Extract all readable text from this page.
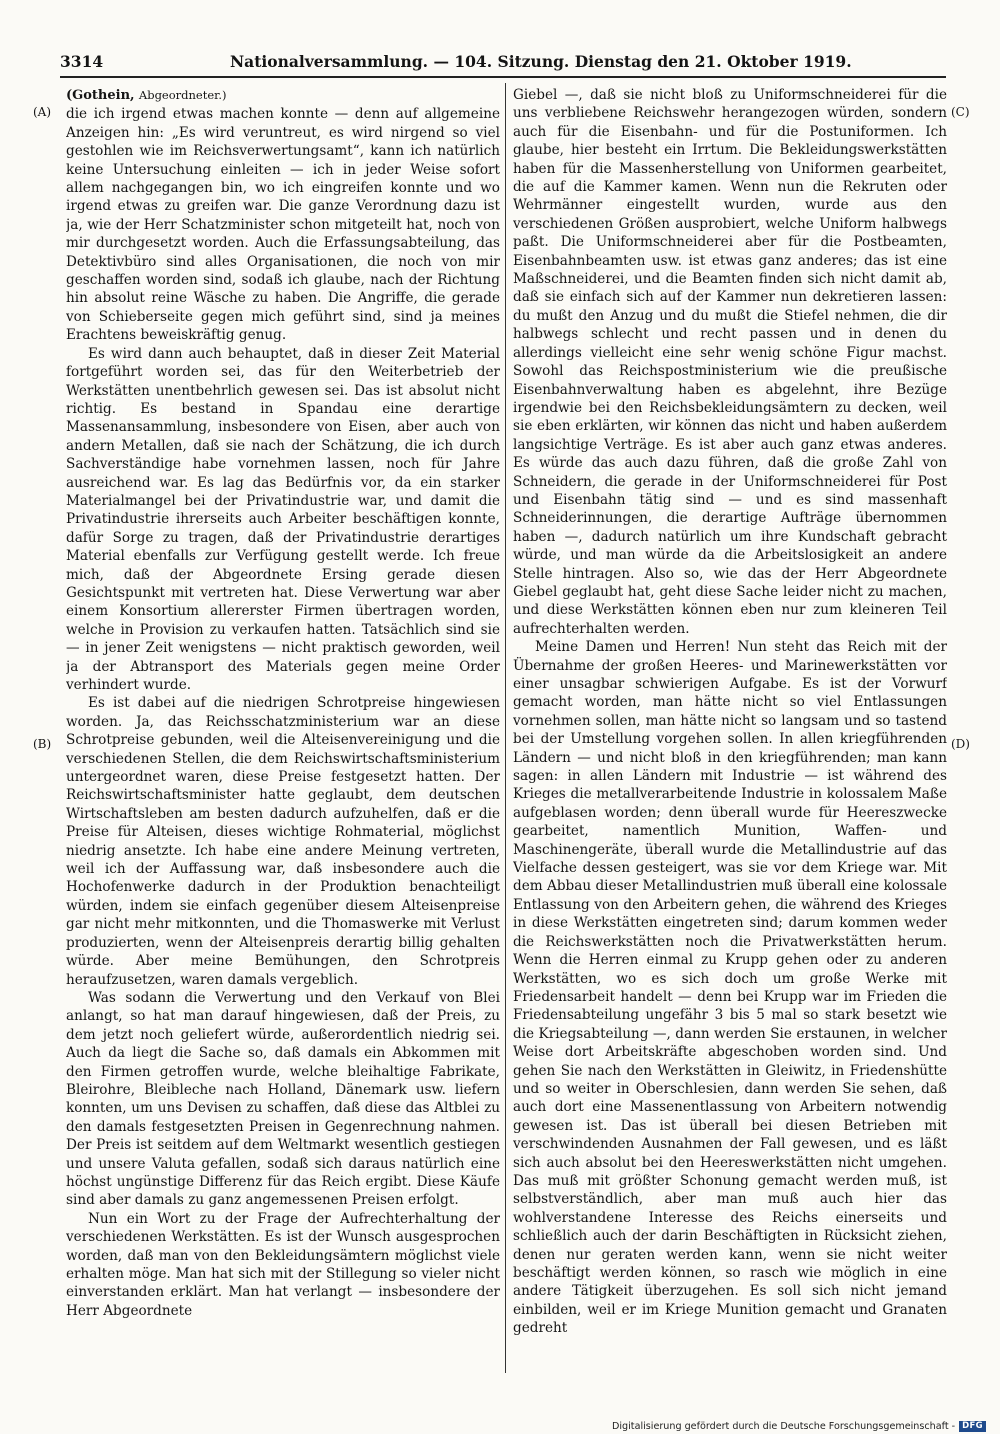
3314	Nationalversammlung. — 104. Sitzung. Dienstag den 21. Oktober 1919.
(A)
(B)
(C)
(D)

(Gothein, Abgeordneter.)

die ich irgend etwas machen konnte — denn auf allgemeine Anzeigen hin: „Es wird veruntreut, es wird nirgend so viel gestohlen wie im Reichsverwertungsamt“, kann ich natürlich keine Untersuchung einleiten — ich in jeder Weise sofort allem nachgegangen bin, wo ich eingreifen konnte und wo irgend etwas zu greifen war. Die ganze Verordnung dazu ist ja, wie der Herr Schatzminister schon mitgeteilt hat, noch von mir durchgesetzt worden. Auch die Erfassungsabteilung, das Detektivbüro sind alles Organisationen, die noch von mir geschaffen worden sind, sodaß ich glaube, nach der Richtung hin absolut reine Wäsche zu haben. Die Angriffe, die gerade von Schieberseite gegen mich geführt sind, sind ja meines Erachtens beweiskräftig genug.

Es wird dann auch behauptet, daß in dieser Zeit Material fortgeführt worden sei, das für den Weiterbetrieb der Werkstätten unentbehrlich gewesen sei. Das ist absolut nicht richtig. Es bestand in Spandau eine derartige Massenansammlung, insbesondere von Eisen, aber auch von andern Metallen, daß sie nach der Schätzung, die ich durch Sachverständige habe vornehmen lassen, noch für Jahre ausreichend war. Es lag das Bedürfnis vor, da ein starker Materialmangel bei der Privatindustrie war, und damit die Privatindustrie ihrerseits auch Arbeiter beschäftigen konnte, dafür Sorge zu tragen, daß der Privatindustrie derartiges Material ebenfalls zur Verfügung gestellt werde. Ich freue mich, daß der Abgeordnete Ersing gerade diesen Gesichtspunkt mit vertreten hat. Diese Verwertung war aber einem Konsortium allererster Firmen übertragen worden, welche in Provision zu verkaufen hatten. Tatsächlich sind sie — in jener Zeit wenigstens — nicht praktisch geworden, weil ja der Abtransport des Materials gegen meine Order verhindert wurde.

Es ist dabei auf die niedrigen Schrotpreise hingewiesen worden. Ja, das Reichsschatzministerium war an diese Schrotpreise gebunden, weil die Alteisenvereinigung und die verschiedenen Stellen, die dem Reichswirtschaftsministerium untergeordnet waren, diese Preise festgesetzt hatten. Der Reichswirtschaftsminister hatte geglaubt, dem deutschen Wirtschaftsleben am besten dadurch aufzuhelfen, daß er die Preise für Alteisen, dieses wichtige Rohmaterial, möglichst niedrig ansetzte. Ich habe eine andere Meinung vertreten, weil ich der Auffassung war, daß insbesondere auch die Hochofenwerke dadurch in der Produktion benachteiligt würden, indem sie einfach gegenüber diesem Alteisenpreise gar nicht mehr mitkonnten, und die Thomaswerke mit Verlust produzierten, wenn der Alteisenpreis derartig billig gehalten würde. Aber meine Bemühungen, den Schrotpreis heraufzusetzen, waren damals vergeblich.

Was sodann die Verwertung und den Verkauf von Blei anlangt, so hat man darauf hingewiesen, daß der Preis, zu dem jetzt noch geliefert würde, außerordentlich niedrig sei. Auch da liegt die Sache so, daß damals ein Abkommen mit den Firmen getroffen wurde, welche bleihaltige Fabrikate, Bleirohre, Bleibleche nach Holland, Dänemark usw. liefern konnten, um uns Devisen zu schaffen, daß diese das Altblei zu den damals festgesetzten Preisen in Gegenrechnung nahmen. Der Preis ist seitdem auf dem Weltmarkt wesentlich gestiegen und unsere Valuta gefallen, sodaß sich daraus natürlich eine höchst ungünstige Differenz für das Reich ergibt. Diese Käufe sind aber damals zu ganz angemessenen Preisen erfolgt.

Nun ein Wort zu der Frage der Aufrechterhaltung der verschiedenen Werkstätten. Es ist der Wunsch ausgesprochen worden, daß man von den Bekleidungsämtern möglichst viele erhalten möge. Man hat sich mit der Stillegung so vieler nicht einverstanden erklärt. Man hat verlangt — insbesondere der Herr Abgeordnete

Giebel —, daß sie nicht bloß zu Uniformschneiderei für die uns verbliebene Reichswehr herangezogen würden, sondern auch für die Eisenbahn- und für die Postuniformen. Ich glaube, hier besteht ein Irrtum. Die Bekleidungswerkstätten haben für die Massenherstellung von Uniformen gearbeitet, die auf die Kammer kamen. Wenn nun die Rekruten oder Wehrmänner eingestellt wurden, wurde aus den verschiedenen Größen ausprobiert, welche Uniform halbwegs paßt. Die Uniformschneiderei aber für die Postbeamten, Eisenbahnbeamten usw. ist etwas ganz anderes; das ist eine Maßschneiderei, und die Beamten finden sich nicht damit ab, daß sie einfach sich auf der Kammer nun dekretieren lassen: du mußt den Anzug und du mußt die Stiefel nehmen, die dir halbwegs schlecht und recht passen und in denen du allerdings vielleicht eine sehr wenig schöne Figur machst. Sowohl das Reichspostministerium wie die preußische Eisenbahnverwaltung haben es abgelehnt, ihre Bezüge irgendwie bei den Reichsbekleidungsämtern zu decken, weil sie eben erklärten, wir können das nicht und haben außerdem langsichtige Verträge. Es ist aber auch ganz etwas anderes. Es würde das auch dazu führen, daß die große Zahl von Schneidern, die gerade in der Uniformschneiderei für Post und Eisenbahn tätig sind — und es sind massenhaft Schneiderinnungen, die derartige Aufträge übernommen haben —, dadurch natürlich um ihre Kundschaft gebracht würde, und man würde da die Arbeitslosigkeit an andere Stelle hintragen. Also so, wie das der Herr Abgeordnete Giebel geglaubt hat, geht diese Sache leider nicht zu machen, und diese Werkstätten können eben nur zum kleineren Teil aufrechterhalten werden.

Meine Damen und Herren! Nun steht das Reich mit der Übernahme der großen Heeres- und Marinewerkstätten vor einer unsagbar schwierigen Aufgabe. Es ist der Vorwurf gemacht worden, man hätte nicht so viel Entlassungen vornehmen sollen, man hätte nicht so langsam und so tastend bei der Umstellung vorgehen sollen. In allen kriegführenden Ländern — und nicht bloß in den kriegführenden; man kann sagen: in allen Ländern mit Industrie — ist während des Krieges die metallverarbeitende Industrie in kolossalem Maße aufgeblasen worden; denn überall wurde für Heereszwecke gearbeitet, namentlich Munition, Waffen- und Maschinengeräte, überall wurde die Metallindustrie auf das Vielfache dessen gesteigert, was sie vor dem Kriege war. Mit dem Abbau dieser Metallindustrien muß überall eine kolossale Entlassung von den Arbeitern gehen, die während des Krieges in diese Werkstätten eingetreten sind; darum kommen weder die Reichswerkstätten noch die Privatwerkstätten herum. Wenn die Herren einmal zu Krupp gehen oder zu anderen Werkstätten, wo es sich doch um große Werke mit Friedensarbeit handelt — denn bei Krupp war im Frieden die Friedensabteilung ungefähr 3 bis 5 mal so stark besetzt wie die Kriegsabteilung —, dann werden Sie erstaunen, in welcher Weise dort Arbeitskräfte abgeschoben worden sind. Und gehen Sie nach den Werkstätten in Gleiwitz, in Friedenshütte und so weiter in Oberschlesien, dann werden Sie sehen, daß auch dort eine Massenentlassung von Arbeitern notwendig gewesen ist. Das ist überall bei diesen Betrieben mit verschwindenden Ausnahmen der Fall gewesen, und es läßt sich auch absolut bei den Heereswerkstätten nicht umgehen. Das muß mit größter Schonung gemacht werden muß, ist selbstverständlich, aber man muß auch hier das wohlverstandene Interesse des Reichs einerseits und schließlich auch der darin Beschäftigten in Rücksicht ziehen, denen nur geraten werden kann, wenn sie nicht weiter beschäftigt werden können, so rasch wie möglich in eine andere Tätigkeit überzugehen. Es soll sich nicht jemand einbilden, weil er im Kriege Munition gemacht und Granaten gedreht

Digitalisierung gefördert durch die Deutsche Forschungsgemeinschaft - DFG
